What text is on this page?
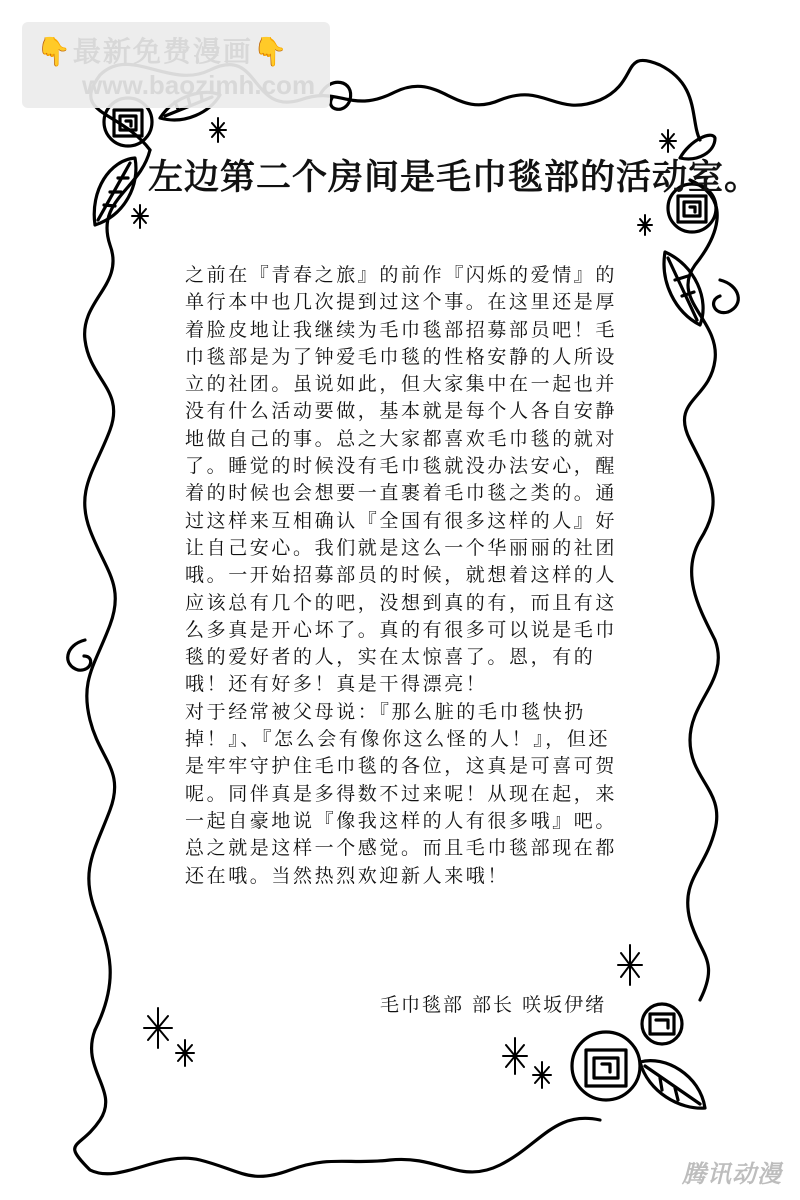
👇最新免费漫画👇
www.baozimh.com
左边第二个房间是毛巾毯部的活动室。

之前在『青春之旅』的前作『闪烁的爱情』的单行本中也几次提到过这个事。在这里还是厚着脸皮地让我继续为毛巾毯部招募部员吧！毛巾毯部是为了钟爱毛巾毯的性格安静的人所设立的社团。虽说如此，但大家集中在一起也并没有什么活动要做，基本就是每个人各自安静地做自己的事。总之大家都喜欢毛巾毯的就对了。睡觉的时候没有毛巾毯就没办法安心，醒着的时候也会想要一直裹着毛巾毯之类的。通过这样来互相确认『全国有很多这样的人』好让自己安心。我们就是这么一个华丽丽的社团哦。一开始招募部员的时候，就想着这样的人应该总有几个的吧，没想到真的有，而且有这么多真是开心坏了。真的有很多可以说是毛巾毯的爱好者的人，实在太惊喜了。恩，有的哦！还有好多！真是干得漂亮！

对于经常被父母说：『那么脏的毛巾毯快扔掉！』、『怎么会有像你这么怪的人！』，但还是牢牢守护住毛巾毯的各位，这真是可喜可贺呢。同伴真是多得数不过来呢！从现在起，来一起自豪地说『像我这样的人有很多哦』吧。

总之就是这样一个感觉。而且毛巾毯部现在都还在哦。当然热烈欢迎新人来哦！

毛巾毯部 部长 咲坂伊绪
腾讯动漫
